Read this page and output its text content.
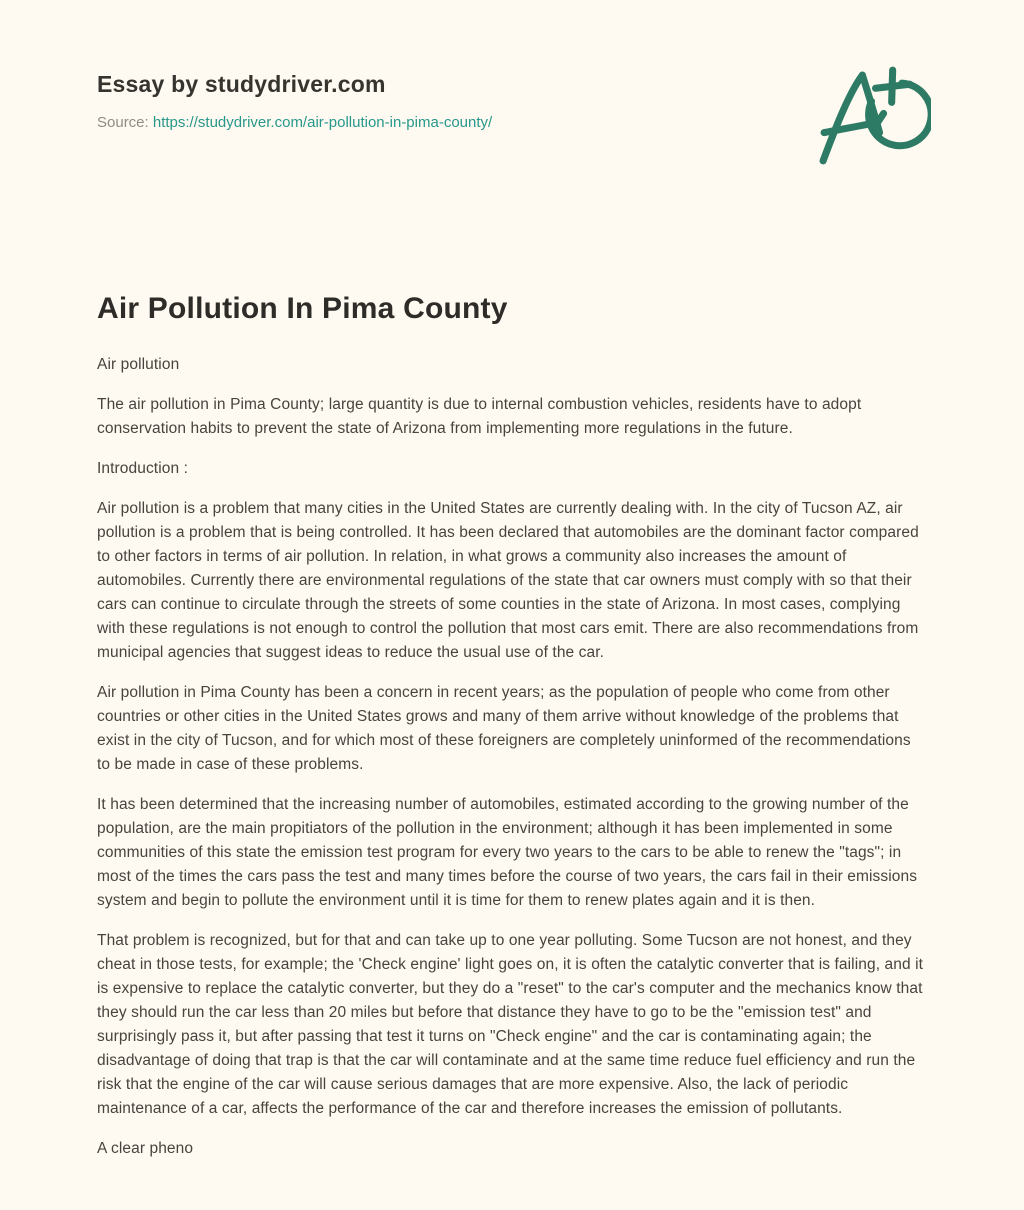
Essay by studydriver.com
Source: https://studydriver.com/air-pollution-in-pima-county/
Air Pollution In Pima County

Air pollution

The air pollution in Pima County; large quantity is due to internal combustion vehicles, residents have to adopt conservation habits to prevent the state of Arizona from implementing more regulations in the future.

Introduction :

Air pollution is a problem that many cities in the United States are currently dealing with. In the city of Tucson AZ, air pollution is a problem that is being controlled. It has been declared that automobiles are the dominant factor compared to other factors in terms of air pollution. In relation, in what grows a community also increases the amount of automobiles. Currently there are environmental regulations of the state that car owners must comply with so that their cars can continue to circulate through the streets of some counties in the state of Arizona. In most cases, complying with these regulations is not enough to control the pollution that most cars emit. There are also recommendations from municipal agencies that suggest ideas to reduce the usual use of the car.

Air pollution in Pima County has been a concern in recent years; as the population of people who come from other countries or other cities in the United States grows and many of them arrive without knowledge of the problems that exist in the city of Tucson, and for which most of these foreigners are completely uninformed of the recommendations to be made in case of these problems.

It has been determined that the increasing number of automobiles, estimated according to the growing number of the population, are the main propitiators of the pollution in the environment; although it has been implemented in some communities of this state the emission test program for every two years to the cars to be able to renew the "tags"; in most of the times the cars pass the test and many times before the course of two years, the cars fail in their emissions system and begin to pollute the environment until it is time for them to renew plates again and it is then.

That problem is recognized, but for that and can take up to one year polluting. Some Tucson are not honest, and they cheat in those tests, for example; the 'Check engine' light goes on, it is often the catalytic converter that is failing, and it is expensive to replace the catalytic converter, but they do a "reset" to the car's computer and the mechanics know that they should run the car less than 20 miles but before that distance they have to go to be the "emission test" and surprisingly pass it, but after passing that test it turns on "Check engine" and the car is contaminating again; the disadvantage of doing that trap is that the car will contaminate and at the same time reduce fuel efficiency and run the risk that the engine of the car will cause serious damages that are more expensive. Also, the lack of periodic maintenance of a car, affects the performance of the car and therefore increases the emission of pollutants.

A clear pheno
